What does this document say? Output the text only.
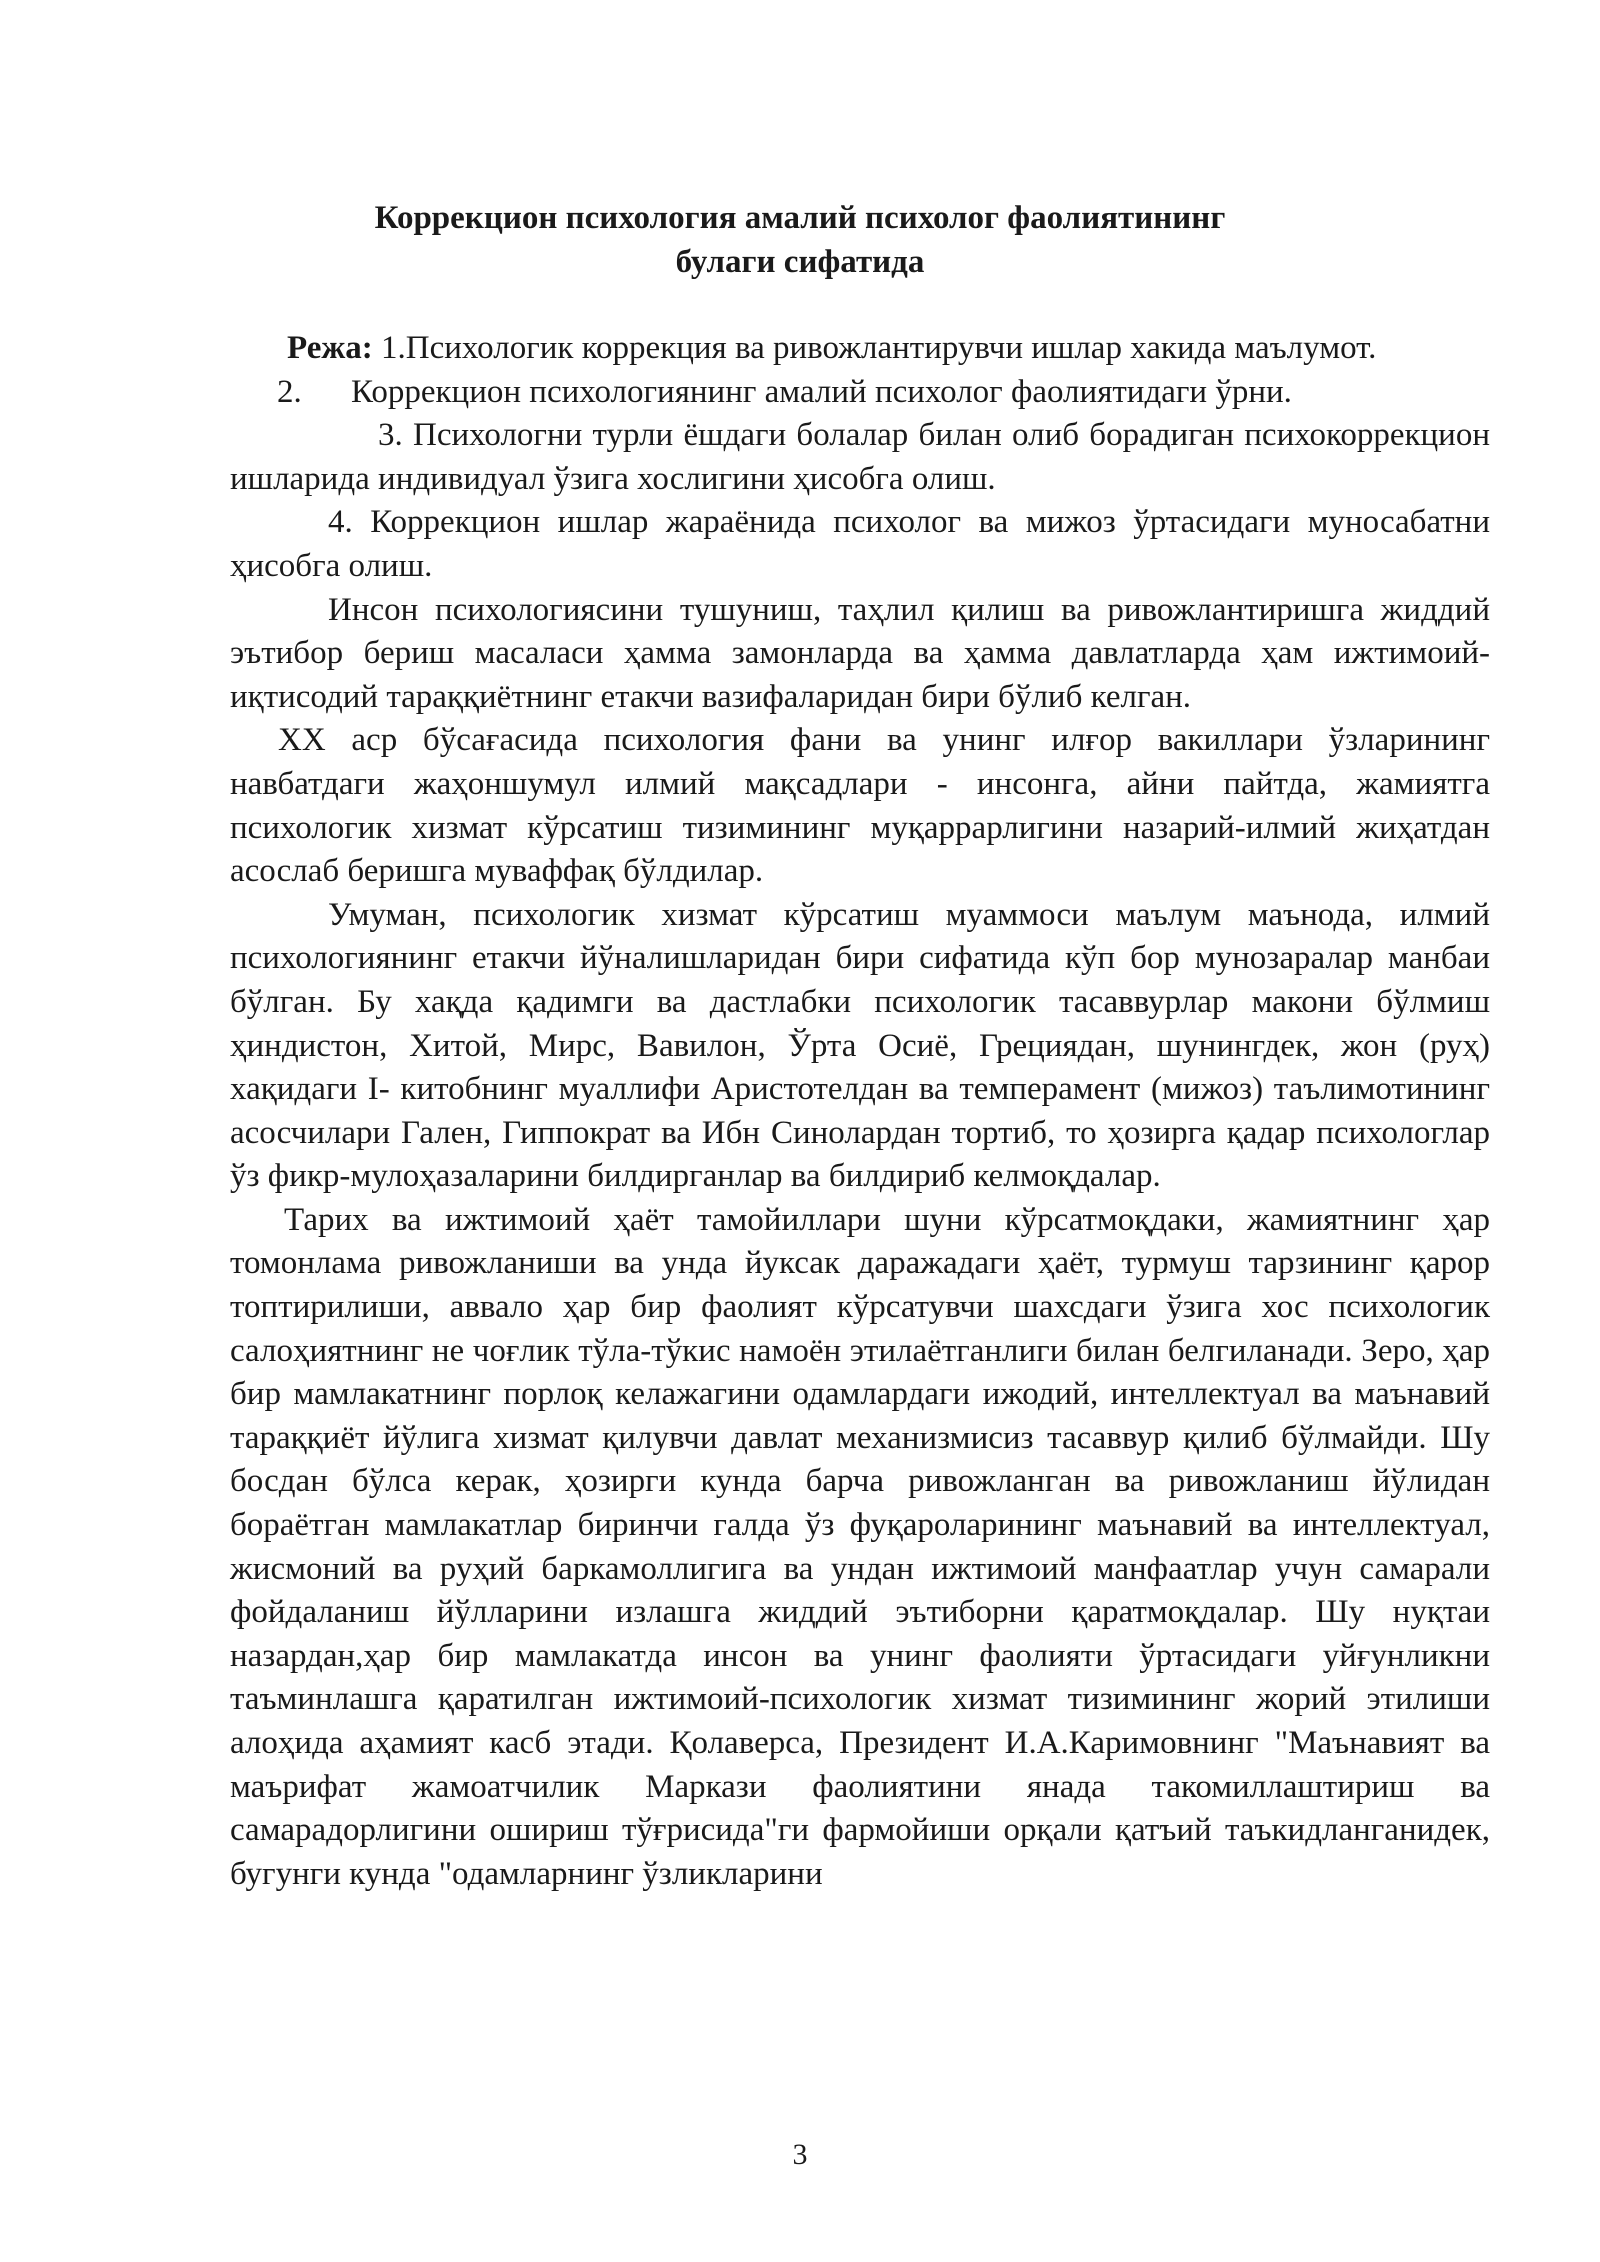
Коррекцион психология амалий психолог фаолиятининг
булаги сифатида

Режа: 1.Психологик коррекция ва ривожлантирувчи ишлар хакида маълумот.

2. Коррекцион психологиянинг амалий психолог фаолиятидаги ўрни.

3. Психологни турли ёшдаги болалар билан олиб борадиган психокоррекцион ишларида индивидуал ўзига хослигини ҳисобга олиш.

4. Коррекцион ишлар жараёнида психолог ва мижоз ўртасидаги муносабатни ҳисобга олиш.

Инсон психологиясини тушуниш, таҳлил қилиш ва ривожлантиришга жиддий эътибор бериш масаласи ҳамма замонларда ва ҳамма давлатларда ҳам ижтимоий-иқтисодий тараққиётнинг етакчи вазифаларидан бири бўлиб келган.

XX аср бўсағасида психология фани ва унинг илғор вакиллари ўзларининг навбатдаги жаҳоншумул илмий мақсадлари - инсонга, айни пайтда, жамиятга психологик хизмат кўрсатиш тизимининг муқаррарлигини назарий-илмий жиҳатдан асослаб беришга муваффақ бўлдилар.

Умуман, психологик хизмат кўрсатиш муаммоси маълум маънода, илмий психологиянинг етакчи йўналишларидан бири сифатида кўп бор мунозаралар манбаи бўлган. Бу хақда қадимги ва дастлабки психологик тасаввурлар макони бўлмиш ҳиндистон, Хитой, Мирс, Вавилон, Ўрта Осиё, Грециядан, шунингдек, жон (руҳ) хақидаги I- китобнинг муаллифи Аристотелдан ва темперамент (мижоз) таълимотининг асосчилари Гален, Гиппократ ва Ибн Синолардан тортиб, то ҳозирга қадар психологлар ўз фикр-мулоҳазаларини билдирганлар ва билдириб келмоқдалар.

Тарих ва ижтимоий ҳаёт тамойиллари шуни кўрсатмоқдаки, жамиятнинг ҳар томонлама ривожланиши ва унда йуксак даражадаги ҳаёт, турмуш тарзининг қарор топтирилиши, аввало ҳар бир фаолият кўрсатувчи шахсдаги ўзига хос психологик салоҳиятнинг не чоғлик тўла-тўкис намоён этилаётганлиги билан белгиланади. Зеро, ҳар бир мамлакатнинг порлоқ келажагини одамлардаги ижодий, интеллектуал ва маънавий тараққиёт йўлига хизмат қилувчи давлат механизмисиз тасаввур қилиб бўлмайди. Шу босдан бўлса керак, ҳозирги кунда барча ривожланган ва ривожланиш йўлидан бораётган мамлакатлар биринчи галда ўз фуқароларининг маънавий ва интеллектуал, жисмоний ва руҳий баркамоллигига ва ундан ижтимоий манфаатлар учун самарали фойдаланиш йўлларини излашга жиддий эътиборни қаратмоқдалар. Шу нуқтаи назардан,ҳар бир мамлакатда инсон ва унинг фаолияти ўртасидаги уйғунликни таъминлашга қаратилган ижтимоий-психологик хизмат тизимининг жорий этилиши алоҳида аҳамият касб этади. Қолаверса, Президент И.А.Каримовнинг "Маънавият ва маърифат жамоатчилик Маркази фаолиятини янада такомиллаштириш ва самарадорлигини ошириш тўғрисида"ги фармойиши орқали қатъий таъкидланганидек, бугунги кунда "одамларнинг ўзликларини

3
